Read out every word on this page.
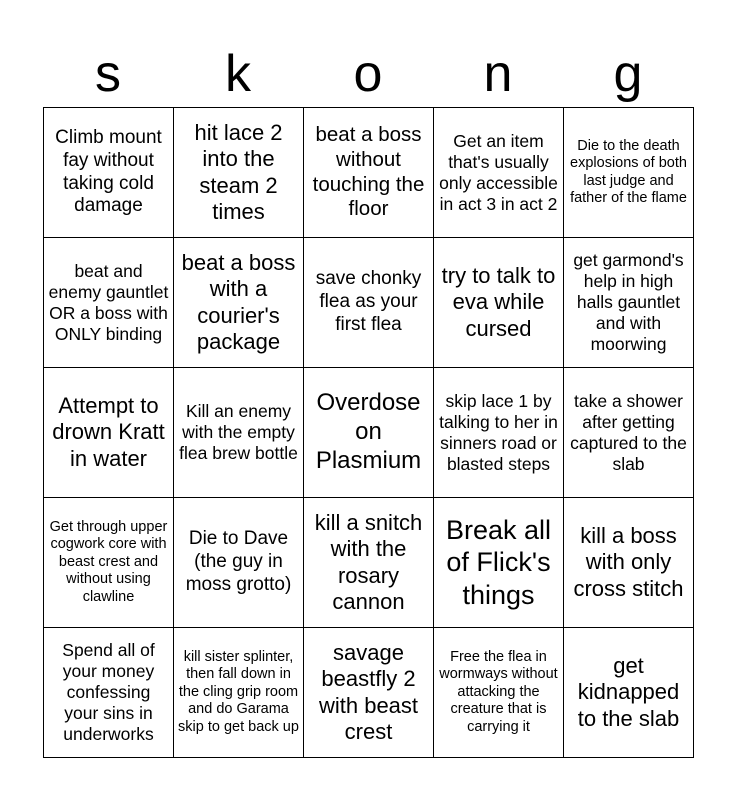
s	k	o	n	g
Climb mount fay without taking cold damage	hit lace 2 into the steam 2 times	beat a boss without touching the floor	Get an item that's usually only accessible in act 3 in act 2	Die to the death explosions of both last judge and father of the flame
beat and enemy gauntlet OR a boss with ONLY binding	beat a boss with a courier's package	save chonky flea as your first flea	try to talk to eva while cursed	get garmond's help in high halls gauntlet and with moorwing
Attempt to drown Kratt in water	Kill an enemy with the empty flea brew bottle	Overdose on Plasmium	skip lace 1 by talking to her in sinners road or blasted steps	take a shower after getting captured to the slab
Get through upper cogwork core with beast crest and without using clawline	Die to Dave (the guy in moss grotto)	kill a snitch with the rosary cannon	Break all of Flick's things	kill a boss with only cross stitch
Spend all of your money confessing your sins in underworks	kill sister splinter, then fall down in the cling grip room and do Garama skip to get back up	savage beastfly 2 with beast crest	Free the flea in wormways without attacking the creature that is carrying it	get kidnapped to the slab
